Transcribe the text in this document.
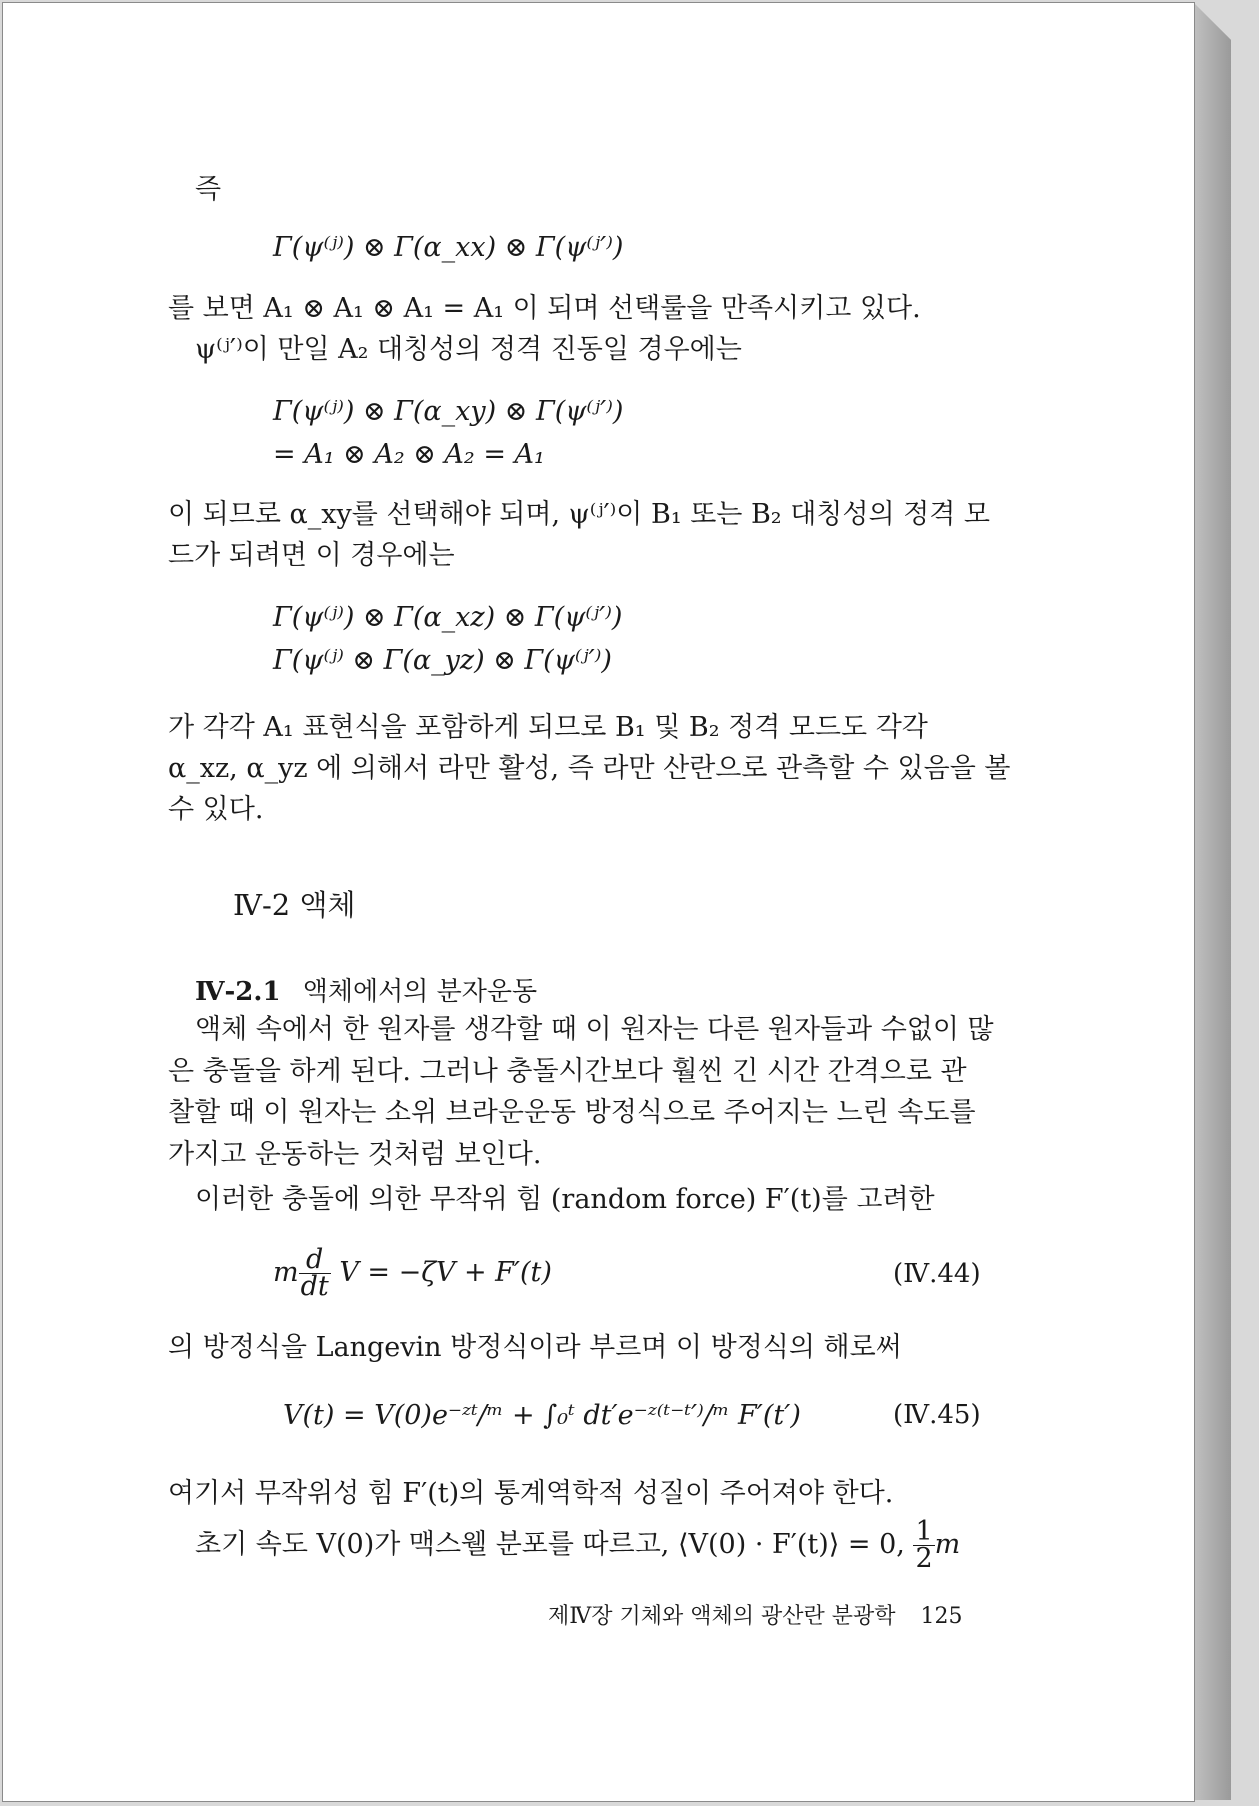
즉
Γ(ψ⁽ʲ⁾) ⊗ Γ(α_xx) ⊗ Γ(ψ⁽ʲ′⁾)
를 보면 A₁ ⊗ A₁ ⊗ A₁ = A₁ 이 되며 선택룰을 만족시키고 있다.
ψ⁽ʲ′⁾이 만일 A₂ 대칭성의 정격 진동일 경우에는
Γ(ψ⁽ʲ⁾) ⊗ Γ(α_xy) ⊗ Γ(ψ⁽ʲ′⁾)
= A₁ ⊗ A₂ ⊗ A₂ = A₁
이 되므로 α_xy를 선택해야 되며, ψ⁽ʲ′⁾이 B₁ 또는 B₂ 대칭성의 정격 모
드가 되려면 이 경우에는
Γ(ψ⁽ʲ⁾) ⊗ Γ(α_xz) ⊗ Γ(ψ⁽ʲ′⁾)
Γ(ψ⁽ʲ⁾ ⊗ Γ(α_yz) ⊗ Γ(ψ⁽ʲ′⁾)
가 각각 A₁ 표현식을 포함하게 되므로 B₁ 및 B₂ 정격 모드도 각각
α_xz, α_yz 에 의해서 라만 활성, 즉 라만 산란으로 관측할 수 있음을 볼
수 있다.
Ⅳ-2 액체
Ⅳ-2.1 액체에서의 분자운동
액체 속에서 한 원자를 생각할 때 이 원자는 다른 원자들과 수없이 많
은 충돌을 하게 된다. 그러나 충돌시간보다 훨씬 긴 시간 간격으로 관
찰할 때 이 원자는 소위 브라운운동 방정식으로 주어지는 느린 속도를
가지고 운동하는 것처럼 보인다.
이러한 충돌에 의한 무작위 힘 (random force) F′(t)를 고려한
m $\frac{d}{dt}$ V = −ζV + F′(t)	(Ⅳ.44)
의 방정식을 Langevin 방정식이라 부르며 이 방정식의 해로써
V(t) = V(0)e⁻ᶻᵗ/ᵐ + ∫₀ᵗ dt′e⁻ᶻ⁽ᵗ⁻ᵗ′⁾/ᵐ F′(t′)	(Ⅳ.45)
여기서 무작위성 힘 F′(t)의 통계역학적 성질이 주어져야 한다.
초기 속도 V(0)가 맥스웰 분포를 따르고, ⟨V(0) · F′(t)⟩ = 0, $\frac{1}{2}$ m
제Ⅳ장 기체와 액체의 광산란 분광학 125
